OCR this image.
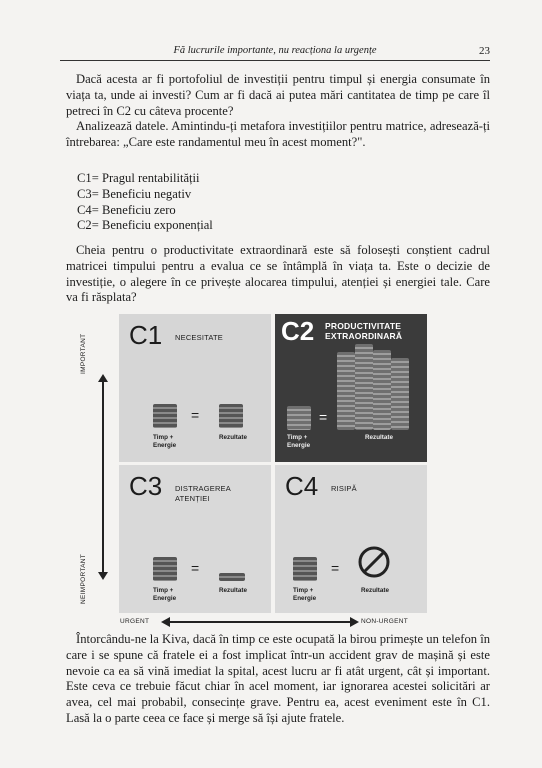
Fă lucrurile importante, nu reacționa la urgențe	23

Dacă acesta ar fi portofoliul de investiții pentru timpul și energia consumate în viața ta, unde ai investi? Cum ar fi dacă ai putea mări cantitatea de timp pe care îl petreci în C2 cu câteva procente?

Analizează datele. Amintindu-ți metafora investițiilor pentru matrice, adresează-ți întrebarea: „Care este randamentul meu în acest moment?".

C1= Pragul rentabilității
C3= Beneficiu negativ
C4= Beneficiu zero
C2= Beneficiu exponențial

Cheia pentru o productivitate extraordinară este să folosești conștient cadrul matricei timpului pentru a evalua ce se întâmplă în viața ta. Este o decizie de investiție, o alegere în ce privește alocarea timpului, atenției și energiei tale. Care va fi răsplata?

IMPORTANT
NEIMPORTANT
C1 NECESITATE
=
Timp + Energie
Rezultate
C2 PRODUCTIVITATE
EXTRAORDINARĂ
=
Timp + Energie
Rezultate
C3 DISTRAGEREA
ATENȚIEI
=
Timp + Energie
Rezultate
C4 RISIPĂ
=
Timp + Energie
Rezultate
URGENT	NON-URGENT

Întorcându-ne la Kiva, dacă în timp ce este ocupată la birou primește un telefon în care i se spune că fratele ei a fost implicat într-un accident grav de mașină și este nevoie ca ea să vină imediat la spital, acest lucru ar fi atât urgent, cât și important. Este ceva ce trebuie făcut chiar în acel moment, iar ignorarea acestei solicitări ar avea, cel mai probabil, consecințe grave. Pentru ea, acest eveniment este în C1. Lasă la o parte ceea ce face și merge să își ajute fratele.
